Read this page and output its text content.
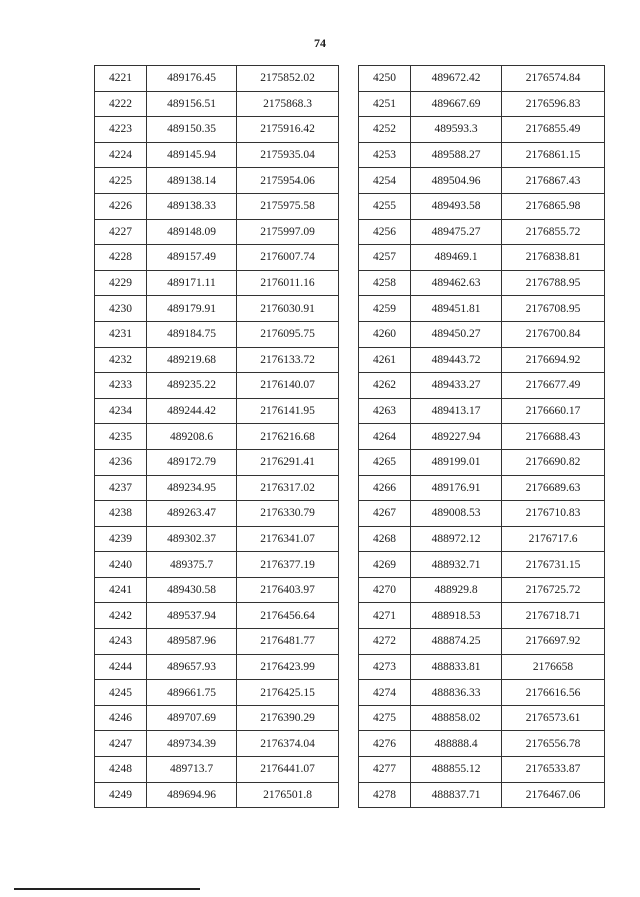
74
4221	489176.45	2175852.02
4222	489156.51	2175868.3
4223	489150.35	2175916.42
4224	489145.94	2175935.04
4225	489138.14	2175954.06
4226	489138.33	2175975.58
4227	489148.09	2175997.09
4228	489157.49	2176007.74
4229	489171.11	2176011.16
4230	489179.91	2176030.91
4231	489184.75	2176095.75
4232	489219.68	2176133.72
4233	489235.22	2176140.07
4234	489244.42	2176141.95
4235	489208.6	2176216.68
4236	489172.79	2176291.41
4237	489234.95	2176317.02
4238	489263.47	2176330.79
4239	489302.37	2176341.07
4240	489375.7	2176377.19
4241	489430.58	2176403.97
4242	489537.94	2176456.64
4243	489587.96	2176481.77
4244	489657.93	2176423.99
4245	489661.75	2176425.15
4246	489707.69	2176390.29
4247	489734.39	2176374.04
4248	489713.7	2176441.07
4249	489694.96	2176501.8
4250	489672.42	2176574.84
4251	489667.69	2176596.83
4252	489593.3	2176855.49
4253	489588.27	2176861.15
4254	489504.96	2176867.43
4255	489493.58	2176865.98
4256	489475.27	2176855.72
4257	489469.1	2176838.81
4258	489462.63	2176788.95
4259	489451.81	2176708.95
4260	489450.27	2176700.84
4261	489443.72	2176694.92
4262	489433.27	2176677.49
4263	489413.17	2176660.17
4264	489227.94	2176688.43
4265	489199.01	2176690.82
4266	489176.91	2176689.63
4267	489008.53	2176710.83
4268	488972.12	2176717.6
4269	488932.71	2176731.15
4270	488929.8	2176725.72
4271	488918.53	2176718.71
4272	488874.25	2176697.92
4273	488833.81	2176658
4274	488836.33	2176616.56
4275	488858.02	2176573.61
4276	488888.4	2176556.78
4277	488855.12	2176533.87
4278	488837.71	2176467.06
